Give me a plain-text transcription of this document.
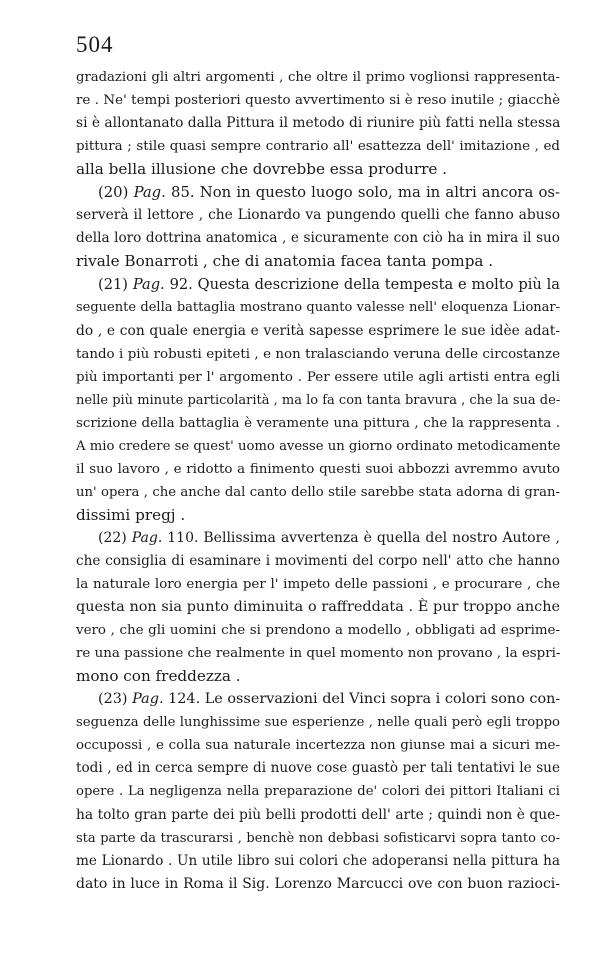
504
gradazioni gli altri argomenti , che oltre il primo voglionsi rappresenta-
re . Ne' tempi posteriori questo avvertimento si è reso inutile ; giacchè
si è allontanato dalla Pittura il metodo di riunire più fatti nella stessa
pittura ; stile quasi sempre contrario all' esattezza dell' imitazione , ed
alla bella illusione che dovrebbe essa produrre .
(20) Pag. 85. Non in questo luogo solo, ma in altri ancora os-
serverà il lettore , che Lionardo va pungendo quelli che fanno abuso
della loro dottrina anatomica , e sicuramente con ciò ha in mira il suo
rivale Bonarroti , che di anatomia facea tanta pompa .
(21) Pag. 92. Questa descrizione della tempesta e molto più la
seguente della battaglia mostrano quanto valesse nell' eloquenza Lionar-
do , e con quale energia e verità sapesse esprimere le sue idèe adat-
tando i più robusti epiteti , e non tralasciando veruna delle circostanze
più importanti per l' argomento . Per essere utile agli artisti entra egli
nelle più minute particolarità , ma lo fa con tanta bravura , che la sua de-
scrizione della battaglia è veramente una pittura , che la rappresenta .
A mio credere se quest' uomo avesse un giorno ordinato metodicamente
il suo lavoro , e ridotto a finimento questi suoi abbozzi avremmo avuto
un' opera , che anche dal canto dello stile sarebbe stata adorna di gran-
dissimi pregj .
(22) Pag. 110. Bellissima avvertenza è quella del nostro Autore ,
che consiglia di esaminare i movimenti del corpo nell' atto che hanno
la naturale loro energia per l' impeto delle passioni , e procurare , che
questa non sia punto diminuita o raffreddata . È pur troppo anche
vero , che gli uomini che si prendono a modello , obbligati ad esprime-
re una passione che realmente in quel momento non provano , la espri-
mono con freddezza .
(23) Pag. 124. Le osservazioni del Vinci sopra i colori sono con-
seguenza delle lunghissime sue esperienze , nelle quali però egli troppo
occupossi , e colla sua naturale incertezza non giunse mai a sicuri me-
todi , ed in cerca sempre di nuove cose guastò per tali tentativi le sue
opere . La negligenza nella preparazione de' colori dei pittori Italiani ci
ha tolto gran parte dei più belli prodotti dell' arte ; quindi non è que-
sta parte da trascurarsi , benchè non debbasi sofisticarvi sopra tanto co-
me Lionardo . Un utile libro sui colori che adoperansi nella pittura ha
dato in luce in Roma il Sig. Lorenzo Marcucci ove con buon razioci-
